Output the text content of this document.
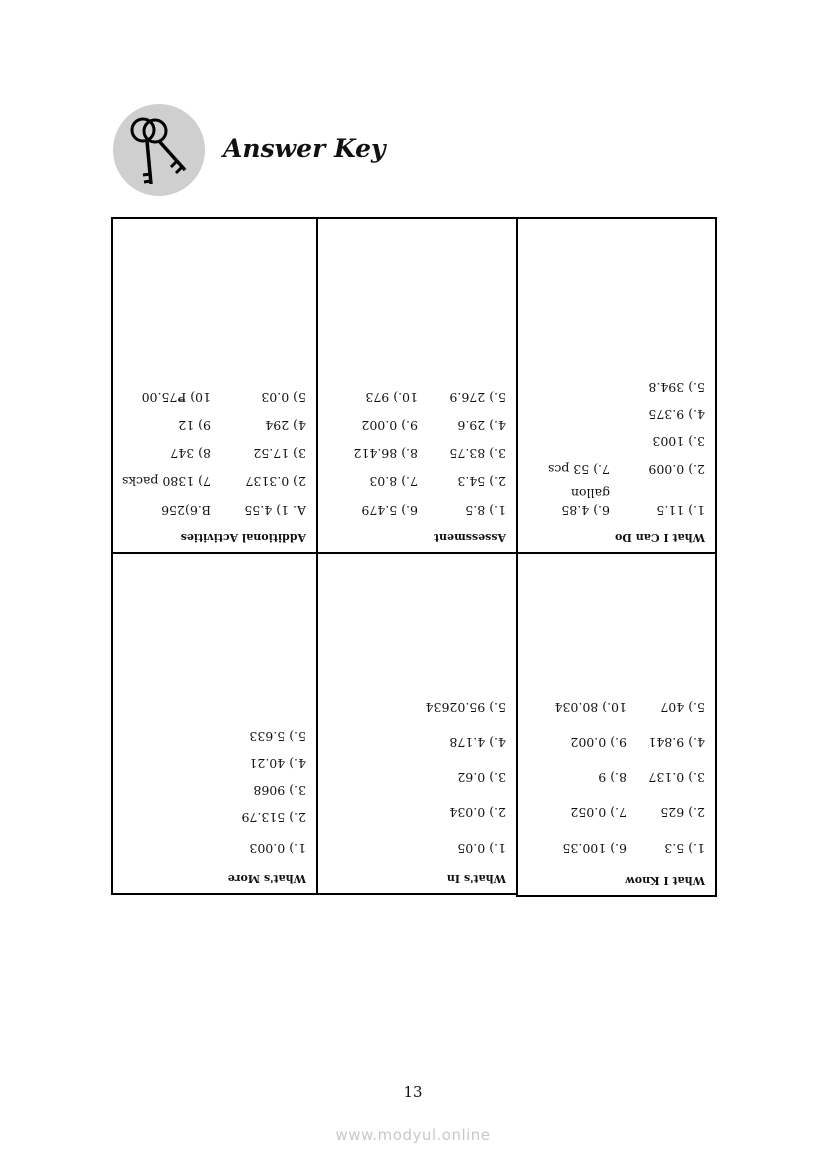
Answer Key
Additional Activities
A. 1) 4.55
B.6)256
2) 0.3137
7) 1380 packs
3) 17.52
8) 347
4) 294
9) 12
5) 0.03
10) ₱75.00
Assessment
1.) 8.5
6.) 5.479
2.) 54.3
7.) 8.03
3.) 83.75
8.) 86.412
4.) 29.6
9.) 0.002
5.) 276.9
10.) 973
What I Can Do
1.) 11.5
6.) 4.85
gallon
2.) 0.009
7.) 53 pcs
3.) 1003
4.) 9.375
5.) 394.8
What's More
1.) 0.003
2.) 513.79
3.) 9068
4.) 40.21
5.) 5.633
What's In
1.) 0.05
2.) 0.034
3.) 0.62
4.) 4.178
5.) 95.02634
What I Know
1.) 5.3
6.) 100.35
2.) 625
7.) 0.052
3.) 0.137
8.) 9
4.) 9.841
9.) 0.002
5.) 407
10.) 80.034
13
www.modyul.online
